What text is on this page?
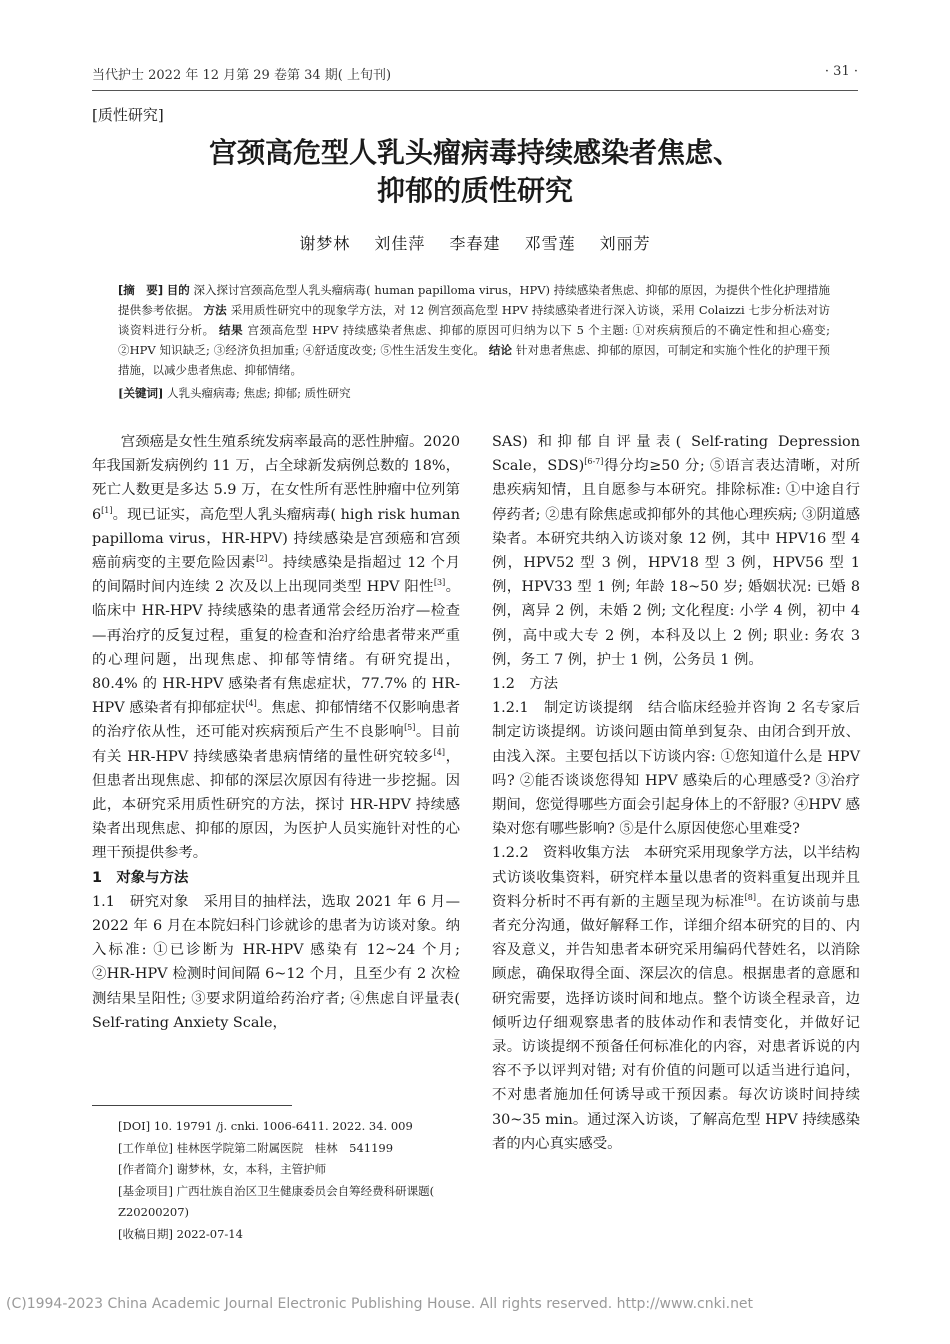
当代护士 2022 年 12 月第 29 卷第 34 期( 上旬刊)	· 31 ·
[质性研究]
宫颈高危型人乳头瘤病毒持续感染者焦虑、
抑郁的质性研究
谢梦林 刘佳萍 李春建 邓雪莲 刘丽芳
[摘　要] 目的 深入探讨宫颈高危型人乳头瘤病毒( human papilloma virus，HPV) 持续感染者焦虑、抑郁的原因，为提供个性化护理措施提供参考依据。 方法 采用质性研究中的现象学方法，对 12 例宫颈高危型 HPV 持续感染者进行深入访谈，采用 Colaizzi 七步分析法对访谈资料进行分析。 结果 宫颈高危型 HPV 持续感染者焦虑、抑郁的原因可归纳为以下 5 个主题: ①对疾病预后的不确定性和担心癌变; ②HPV 知识缺乏; ③经济负担加重; ④舒适度改变; ⑤性生活发生变化。 结论 针对患者焦虑、抑郁的原因，可制定和实施个性化的护理干预措施，以减少患者焦虑、抑郁情绪。
[关键词] 人乳头瘤病毒; 焦虑; 抑郁; 质性研究

宫颈癌是女性生殖系统发病率最高的恶性肿瘤。2020 年我国新发病例约 11 万，占全球新发病例总数的 18%，死亡人数更是多达 5.9 万，在女性所有恶性肿瘤中位列第 6[1]。现已证实，高危型人乳头瘤病毒( high risk human papilloma virus，HR-HPV) 持续感染是宫颈癌和宫颈癌前病变的主要危险因素[2]。持续感染是指超过 12 个月的间隔时间内连续 2 次及以上出现同类型 HPV 阳性[3]。临床中 HR-HPV 持续感染的患者通常会经历治疗—检查—再治疗的反复过程，重复的检查和治疗给患者带来严重的心理问题，出现焦虑、抑郁等情绪。有研究提出，80.4% 的 HR-HPV 感染者有焦虑症状，77.7% 的 HR-HPV 感染者有抑郁症状[4]。焦虑、抑郁情绪不仅影响患者的治疗依从性，还可能对疾病预后产生不良影响[5]。目前有关 HR-HPV 持续感染者患病情绪的量性研究较多[4]，但患者出现焦虑、抑郁的深层次原因有待进一步挖掘。因此，本研究采用质性研究的方法，探讨 HR-HPV 持续感染者出现焦虑、抑郁的原因，为医护人员实施针对性的心理干预提供参考。

1　对象与方法

1.1　研究对象　 采用目的抽样法，选取 2021 年 6 月—2022 年 6 月在本院妇科门诊就诊的患者为访谈对象。纳入标准: ①已诊断为 HR-HPV 感染有 12~24 个月; ②HR-HPV 检测时间间隔 6~12 个月，且至少有 2 次检测结果呈阳性; ③要求阴道给药治疗者; ④焦虑自评量表( Self-rating Anxiety Scale，

SAS) 和抑郁自评量表( Self-rating Depression Scale，SDS)[6-7]得分均≥50 分; ⑤语言表达清晰，对所患疾病知情，且自愿参与本研究。排除标准: ①中途自行停药者; ②患有除焦虑或抑郁外的其他心理疾病; ③阴道感染者。本研究共纳入访谈对象 12 例，其中 HPV16 型 4 例，HPV52 型 3 例，HPV18 型 3 例，HPV56 型 1 例，HPV33 型 1 例; 年龄 18~50 岁; 婚姻状况: 已婚 8 例，离异 2 例，未婚 2 例; 文化程度: 小学 4 例，初中 4 例，高中或大专 2 例，本科及以上 2 例; 职业: 务农 3 例，务工 7 例，护士 1 例，公务员 1 例。

1.2　方法

1.2.1　制定访谈提纲　 结合临床经验并咨询 2 名专家后制定访谈提纲。访谈问题由简单到复杂、由闭合到开放、由浅入深。主要包括以下访谈内容: ①您知道什么是 HPV 吗? ②能否谈谈您得知 HPV 感染后的心理感受? ③治疗期间，您觉得哪些方面会引起身体上的不舒服? ④HPV 感染对您有哪些影响? ⑤是什么原因使您心里难受?

1.2.2　资料收集方法　 本研究采用现象学方法，以半结构式访谈收集资料，研究样本量以患者的资料重复出现并且资料分析时不再有新的主题呈现为标准[8]。在访谈前与患者充分沟通，做好解释工作，详细介绍本研究的目的、内容及意义，并告知患者本研究采用编码代替姓名，以消除顾虑，确保取得全面、深层次的信息。根据患者的意愿和研究需要，选择访谈时间和地点。整个访谈全程录音，边倾听边仔细观察患者的肢体动作和表情变化，并做好记录。访谈提纲不预备任何标准化的内容，对患者诉说的内容不予以评判对错; 对有价值的问题可以适当进行追问，不对患者施加任何诱导或干预因素。每次访谈时间持续 30~35 min。通过深入访谈，了解高危型 HPV 持续感染者的内心真实感受。

[DOI] 10. 19791 /j. cnki. 1006-6411. 2022. 34. 009
[工作单位] 桂林医学院第二附属医院　桂林　541199
[作者简介] 谢梦林，女，本科，主管护师
[基金项目] 广西壮族自治区卫生健康委员会自筹经费科研课题( Z20200207)
[收稿日期] 2022-07-14
(C)1994-2023 China Academic Journal Electronic Publishing House. All rights reserved. http://www.cnki.net
